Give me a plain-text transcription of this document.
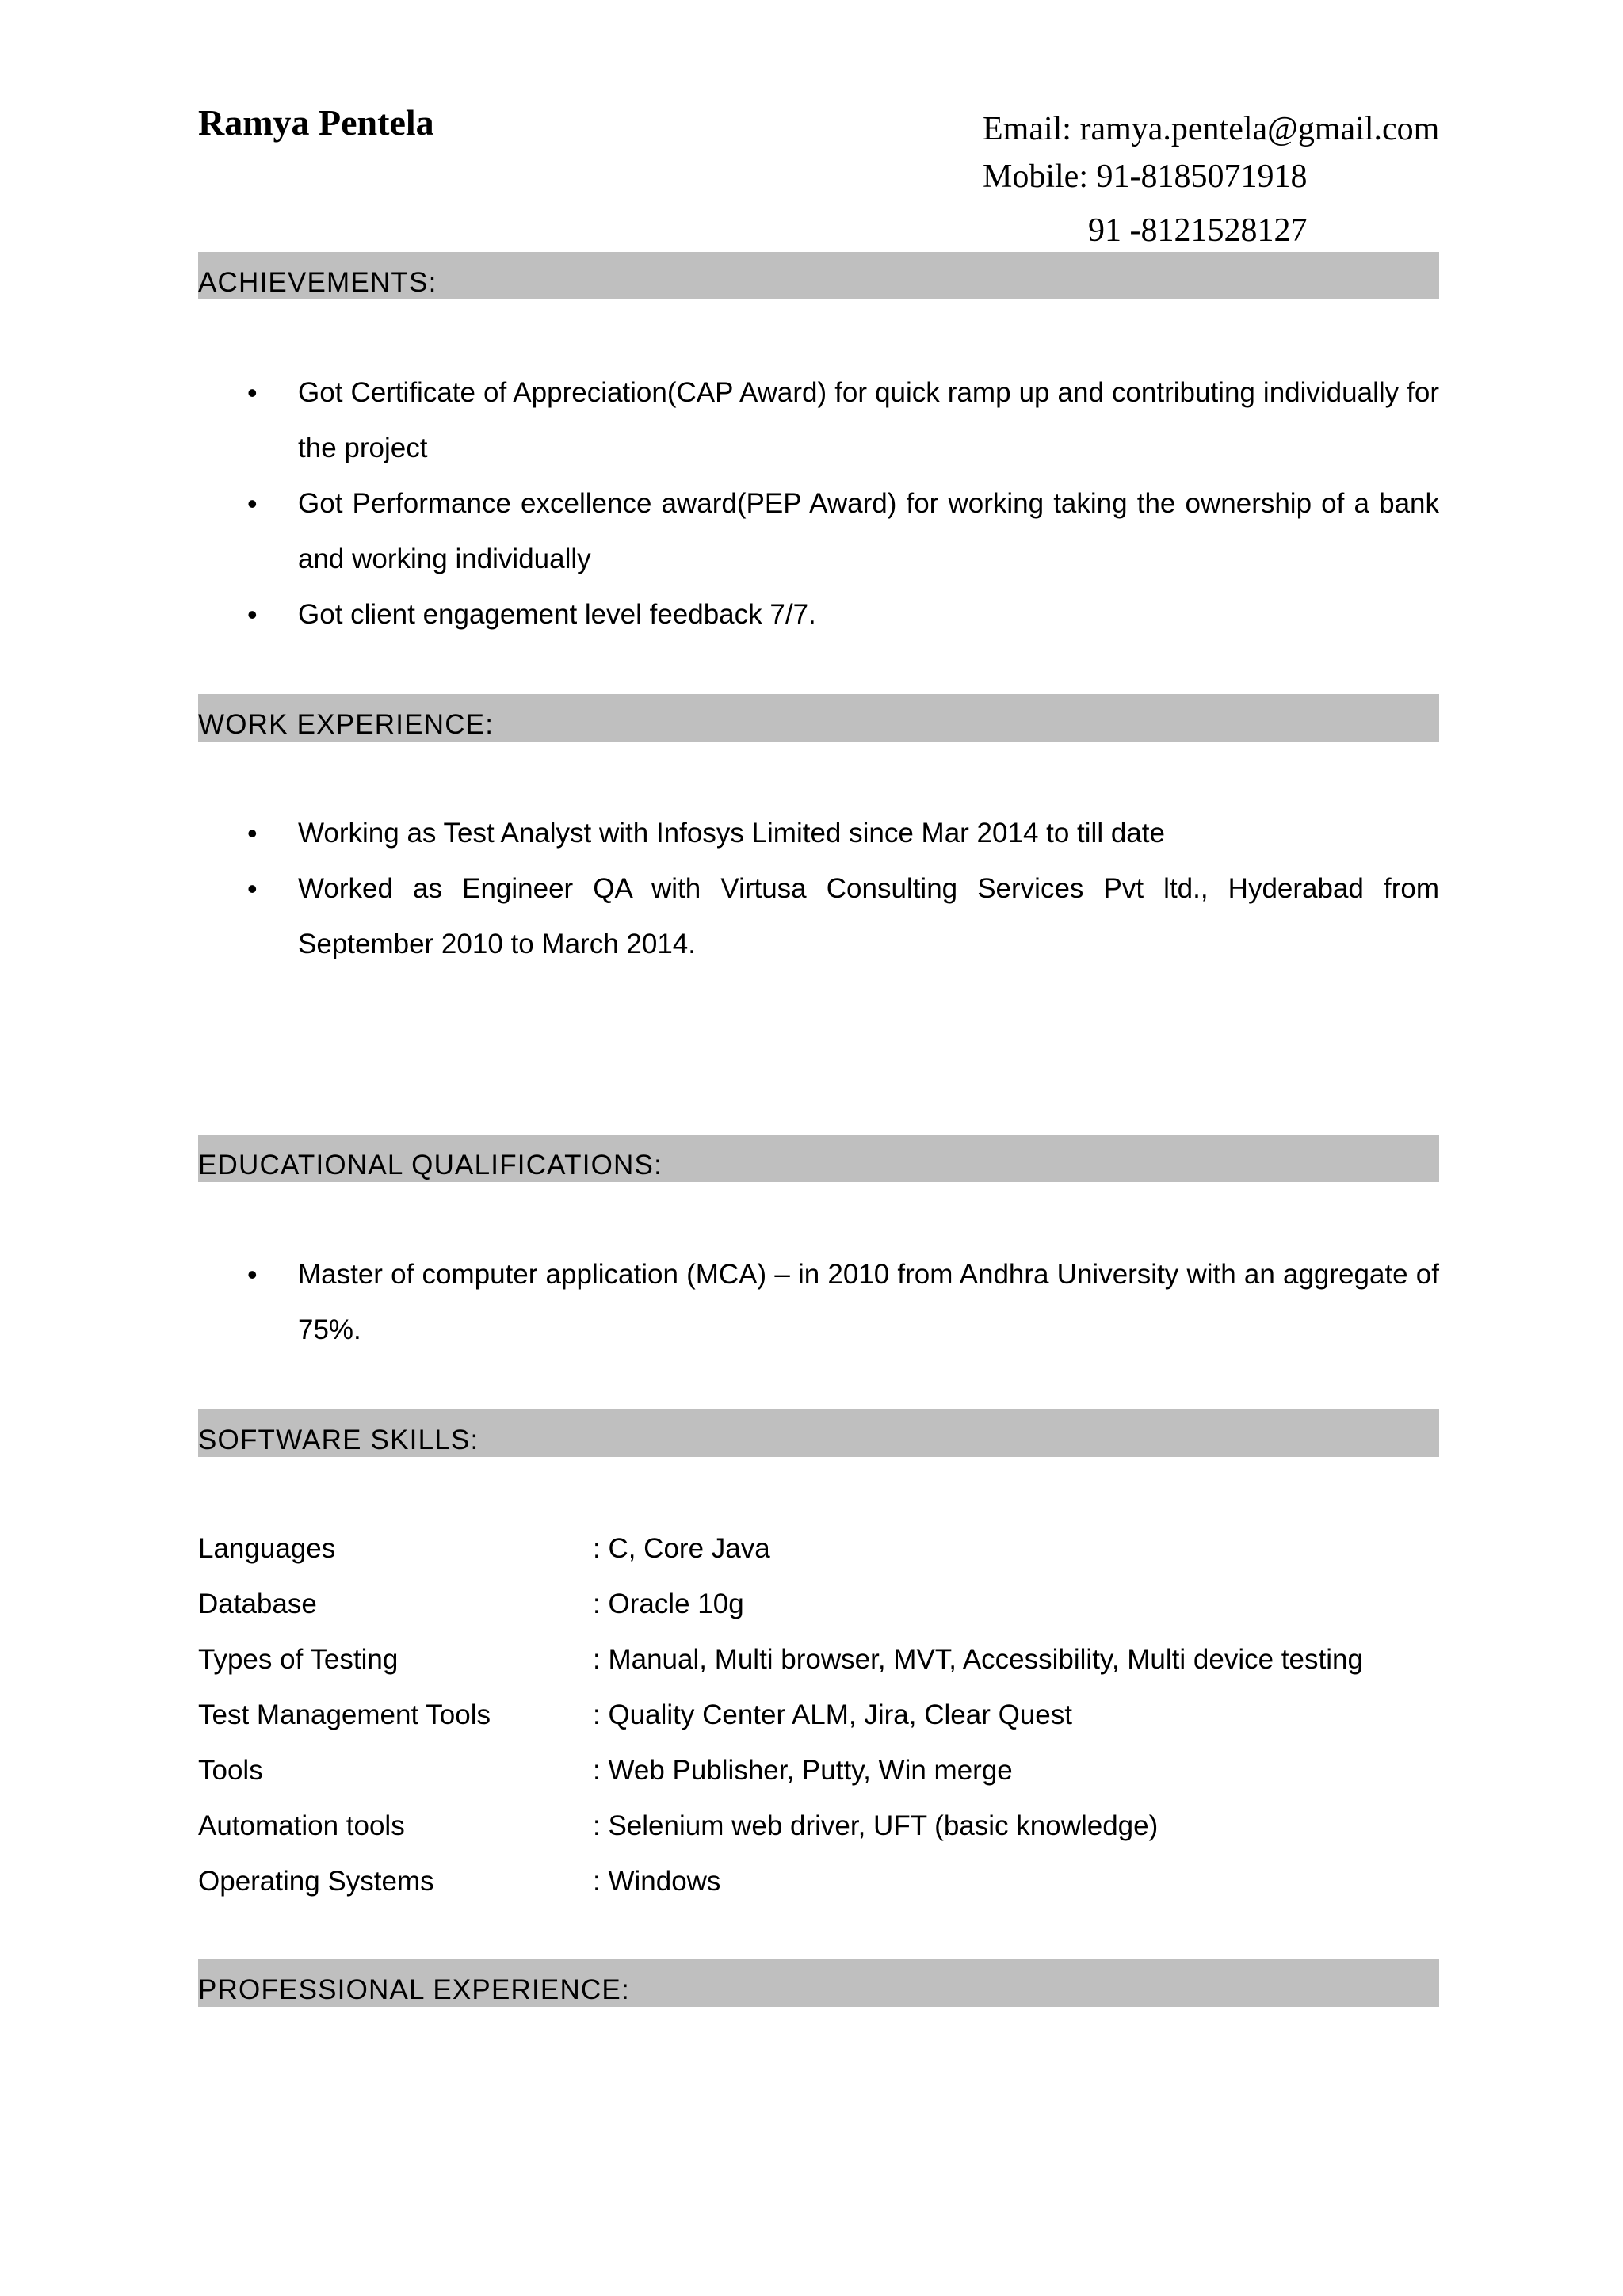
Ramya Pentela	Email: ramya.pentela@gmail.com
Mobile: 91-8185071918
91 -8121528127
ACHIEVEMENTS:
• Got Certificate of Appreciation(CAP Award) for quick ramp up and contributing individually for the project
• Got Performance excellence award(PEP Award) for working taking the ownership of a bank and working individually
• Got client engagement level feedback 7/7.
WORK EXPERIENCE:
• Working as Test Analyst with Infosys Limited since Mar 2014 to till date
• Worked as Engineer QA with Virtusa Consulting Services Pvt ltd., Hyderabad from September 2010 to March 2014.
EDUCATIONAL QUALIFICATIONS:
• Master of computer application (MCA) – in 2010 from Andhra University with an aggregate of 75%.
SOFTWARE SKILLS:
Languages	: C, Core Java
Database	: Oracle 10g
Types of Testing	: Manual, Multi browser, MVT, Accessibility, Multi device testing
Test Management Tools	: Quality Center ALM, Jira, Clear Quest
Tools	: Web Publisher, Putty, Win merge
Automation tools	: Selenium web driver, UFT (basic knowledge)
Operating Systems	: Windows
PROFESSIONAL EXPERIENCE:
